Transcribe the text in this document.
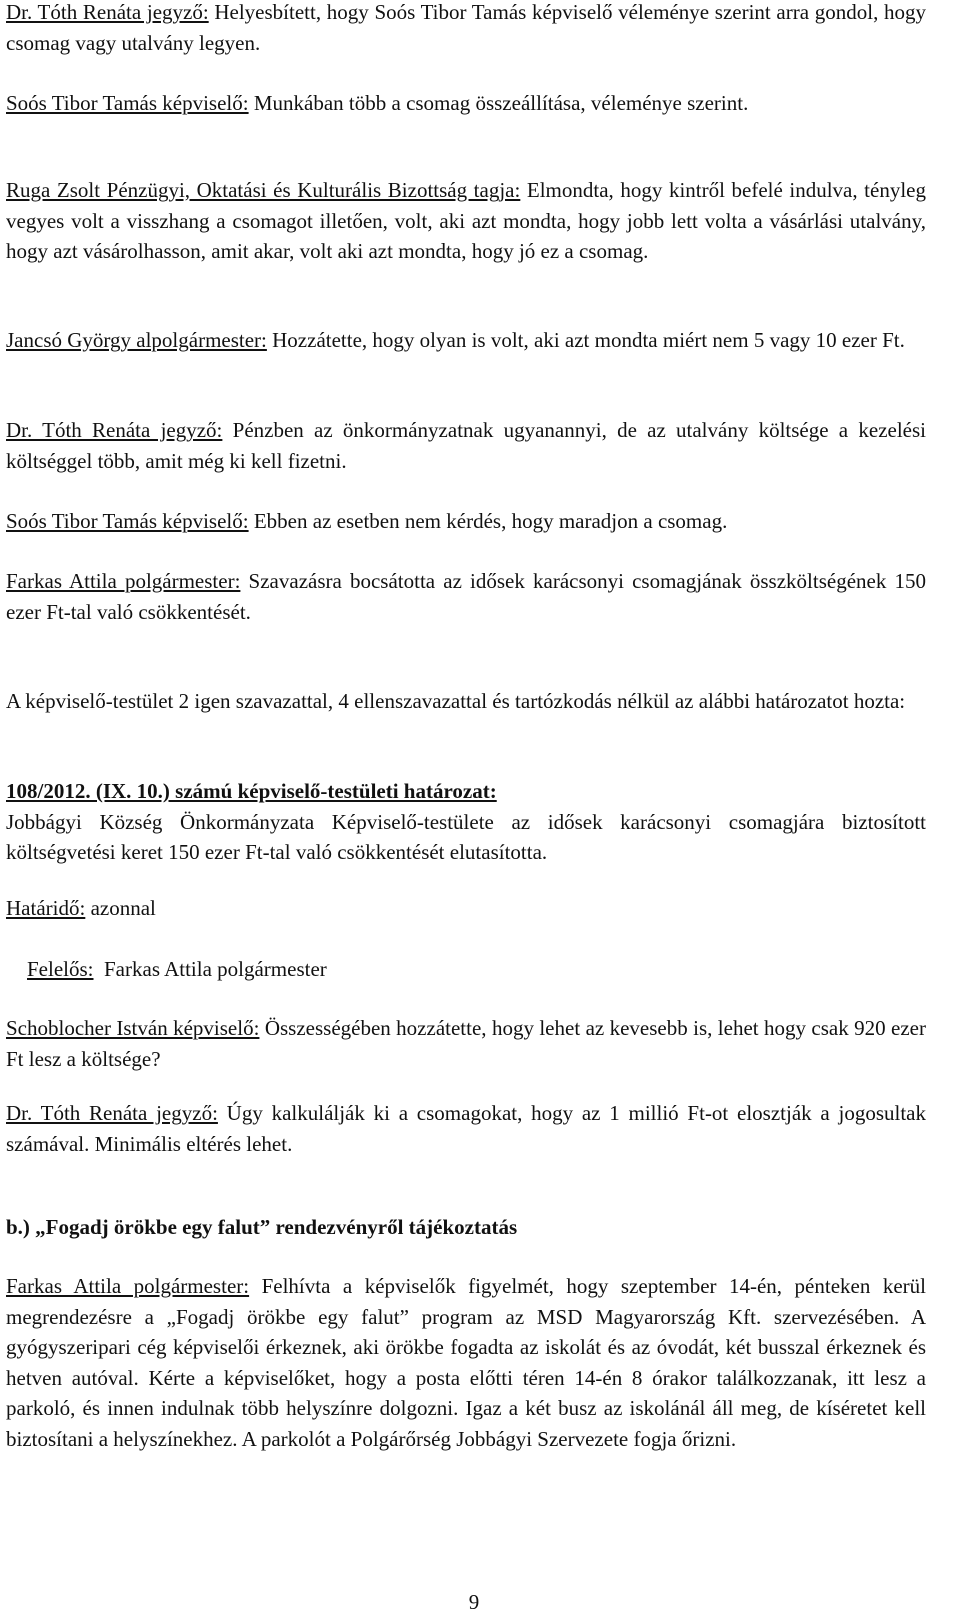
Dr. Tóth Renáta jegyző: Helyesbített, hogy Soós Tibor Tamás képviselő véleménye szerint arra gondol, hogy csomag vagy utalvány legyen.

Soós Tibor Tamás képviselő: Munkában több a csomag összeállítása, véleménye szerint.

Ruga Zsolt Pénzügyi, Oktatási és Kulturális Bizottság tagja: Elmondta, hogy kintről befelé indulva, tényleg vegyes volt a visszhang a csomagot illetően, volt, aki azt mondta, hogy jobb lett volta a vásárlási utalvány, hogy azt vásárolhasson, amit akar, volt aki azt mondta, hogy jó ez a csomag.

Jancsó György alpolgármester: Hozzátette, hogy olyan is volt, aki azt mondta miért nem 5 vagy 10 ezer Ft.

Dr. Tóth Renáta jegyző: Pénzben az önkormányzatnak ugyanannyi, de az utalvány költsége a kezelési költséggel több, amit még ki kell fizetni.

Soós Tibor Tamás képviselő: Ebben az esetben nem kérdés, hogy maradjon a csomag.

Farkas Attila polgármester: Szavazásra bocsátotta az idősek karácsonyi csomagjának összköltségének 150 ezer Ft-tal való csökkentését.

A képviselő-testület 2 igen szavazattal, 4 ellenszavazattal és tartózkodás nélkül az alábbi határozatot hozta:

108/2012. (IX. 10.) számú képviselő-testületi határozat:
Jobbágyi Község Önkormányzata Képviselő-testülete az idősek karácsonyi csomagjára biztosított költségvetési keret 150 ezer Ft-tal való csökkentését elutasította.
Határidő: azonnal

Felelős:  Farkas Attila polgármester

Schoblocher István képviselő: Összességében hozzátette, hogy lehet az kevesebb is, lehet hogy csak 920 ezer Ft lesz a költsége?

Dr. Tóth Renáta jegyző: Úgy kalkulálják ki a csomagokat, hogy az 1 millió Ft-ot elosztják a jogosultak számával. Minimális eltérés lehet.

b.) „Fogadj örökbe egy falut” rendezvényről tájékoztatás

Farkas Attila polgármester: Felhívta a képviselők figyelmét, hogy szeptember 14-én, pénteken kerül megrendezésre a „Fogadj örökbe egy falut” program az MSD Magyarország Kft. szervezésében. A gyógyszeripari cég képviselői érkeznek, aki örökbe fogadta az iskolát és az óvodát, két busszal érkeznek és hetven autóval. Kérte a képviselőket, hogy a posta előtti téren 14-én 8 órakor találkozzanak, itt lesz a parkoló, és innen indulnak több helyszínre dolgozni. Igaz a két busz az iskolánál áll meg, de kíséretet kell biztosítani a helyszínekhez. A parkolót a Polgárőrség Jobbágyi Szervezete fogja őrizni.

9
